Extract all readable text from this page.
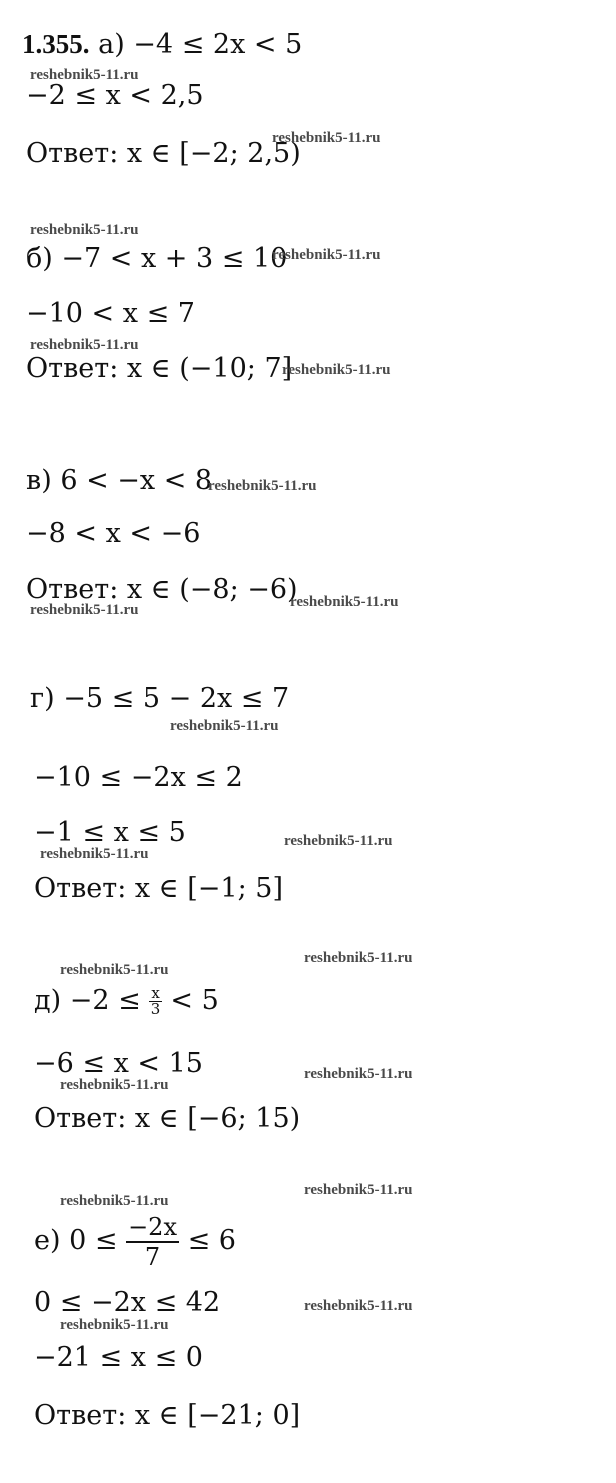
1.355. а) −4 ≤ 2x < 5
−2 ≤ x < 2,5
Ответ: x ∈ [−2; 2,5)
б) −7 < x + 3 ≤ 10
−10 < x ≤ 7
Ответ: x ∈ (−10; 7]
в) 6 < −x < 8
−8 < x < −6
Ответ: x ∈ (−8; −6)
г) −5 ≤ 5 − 2x ≤ 7
−10 ≤ −2x ≤ 2
−1 ≤ x ≤ 5
Ответ: x ∈ [−1; 5]
$д) -2 \le \frac{x}{3} < 5$
−6 ≤ x < 15
Ответ: x ∈ [−6; 15)
е) $0 \le \frac{-2x}{7} \le 6$
0 ≤ −2x ≤ 42
−21 ≤ x ≤ 0
Ответ: x ∈ [−21; 0]
reshebnik5-11.ru
reshebnik5-11.ru
reshebnik5-11.ru
reshebnik5-11.ru
reshebnik5-11.ru
reshebnik5-11.ru
reshebnik5-11.ru
reshebnik5-11.ru	reshebnik5-11.ru
reshebnik5-11.ru
reshebnik5-11.ru
reshebnik5-11.ru
reshebnik5-11.ru
reshebnik5-11.ru
reshebnik5-11.ru
reshebnik5-11.ru
reshebnik5-11.ru
reshebnik5-11.ru
reshebnik5-11.ru
reshebnik5-11.ru
